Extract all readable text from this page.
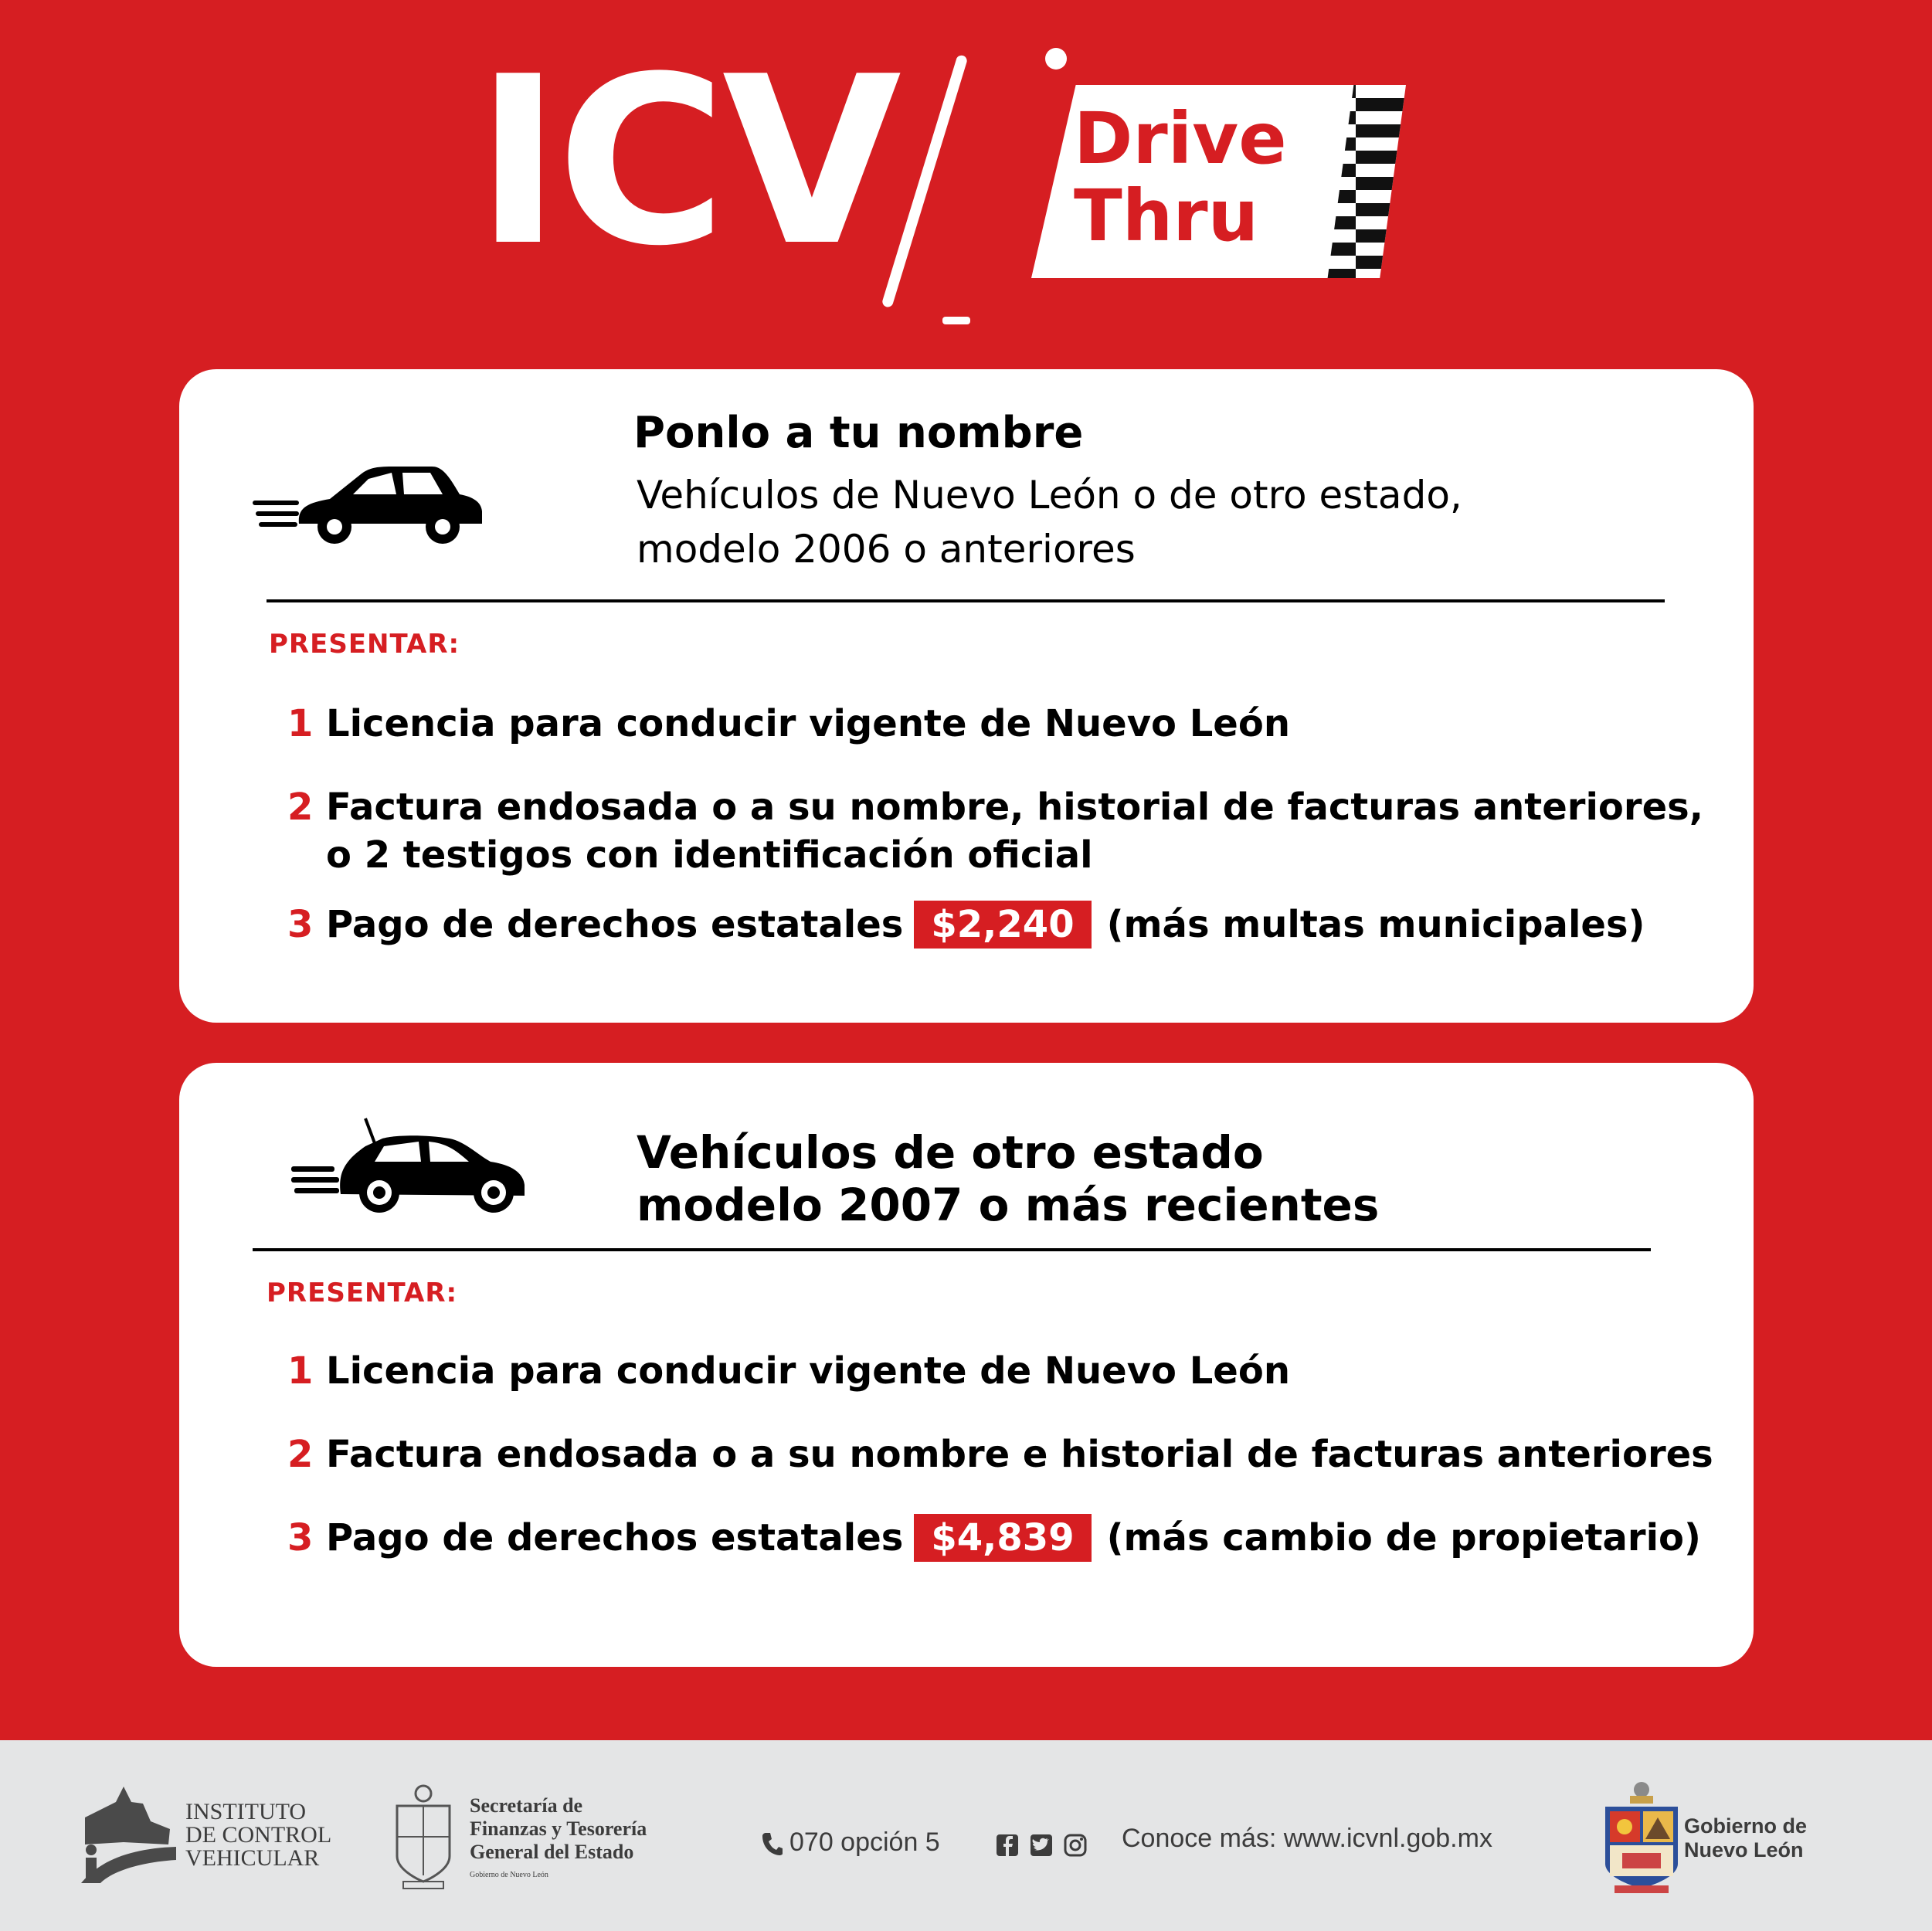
ICV Drive
Thru
Ponlo a tu nombre
Vehículos de Nuevo León o de otro estado,
modelo 2006 o anteriores
PRESENTAR:
1 Licencia para conducir vigente de Nuevo León
2 Factura endosada o a su nombre, historial de facturas anteriores,
o 2 testigos con identificación oficial
3 Pago de derechos estatales $2,240 (más multas municipales)
Vehículos de otro estado
modelo 2007 o más recientes
PRESENTAR:
1 Licencia para conducir vigente de Nuevo León
2 Factura endosada o a su nombre e historial de facturas anteriores
3 Pago de derechos estatales $4,839 (más cambio de propietario)
INSTITUTO
DE CONTROL
VEHICULAR
Secretaría de
Finanzas y Tesorería
General del Estado
Gobierno de Nuevo León
070 opción 5	Conoce más: www.icvnl.gob.mx	Gobierno de
Nuevo León
